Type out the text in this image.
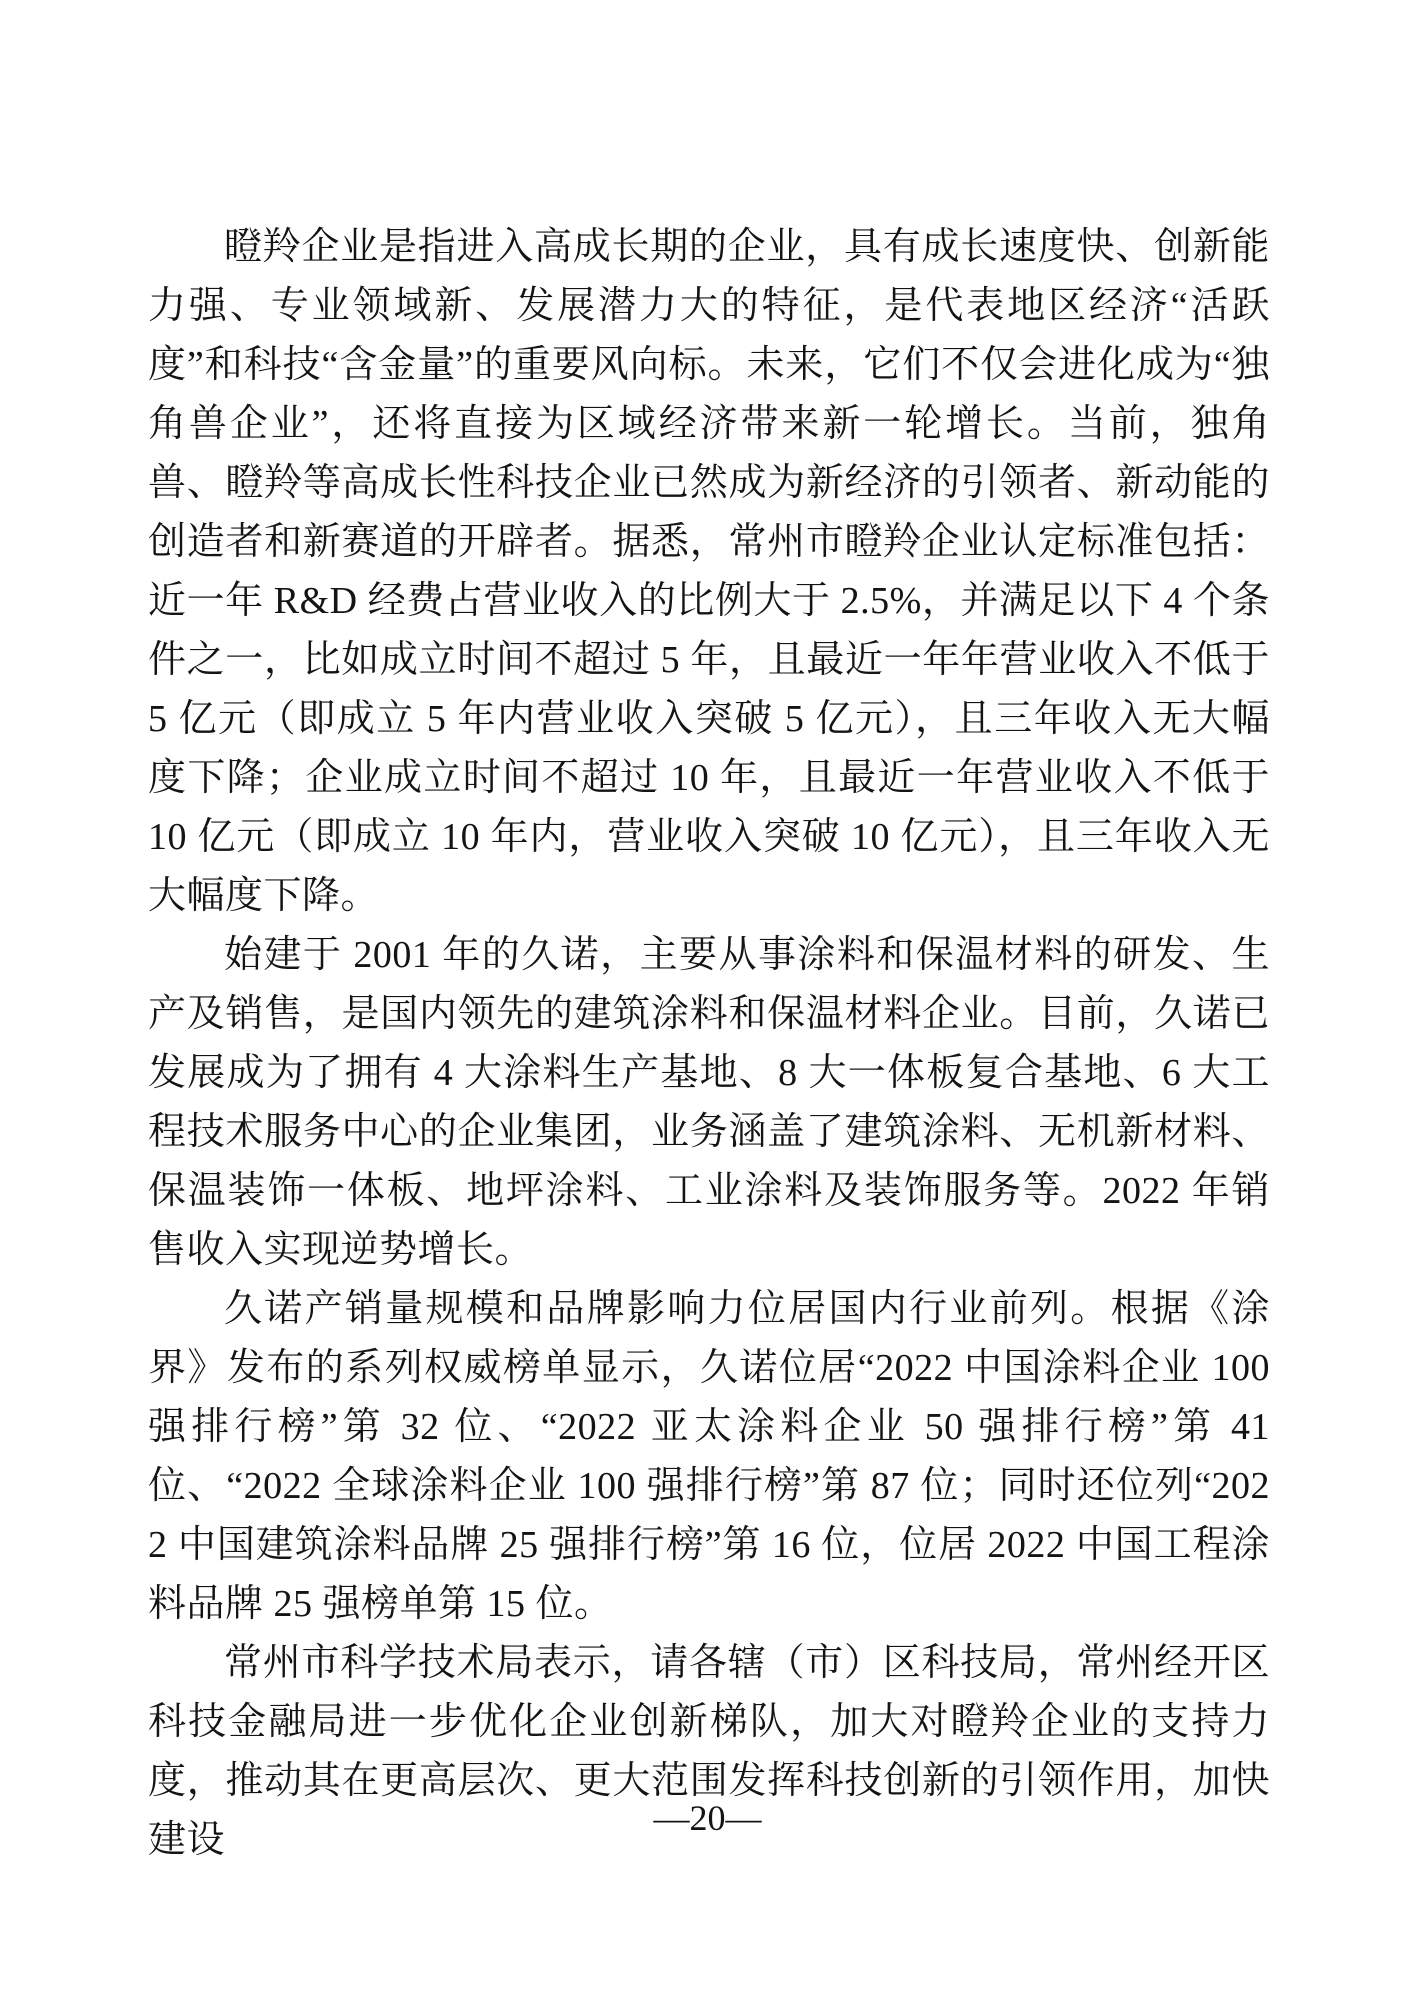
瞪羚企业是指进入高成长期的企业，具有成长速度快、创新能力强、专业领域新、发展潜力大的特征，是代表地区经济“活跃度”和科技“含金量”的重要风向标。未来，它们不仅会进化成为“独角兽企业”，还将直接为区域经济带来新一轮增长。当前，独角兽、瞪羚等高成长性科技企业已然成为新经济的引领者、新动能的创造者和新赛道的开辟者。据悉，常州市瞪羚企业认定标准包括：近一年 R&D 经费占营业收入的比例大于 2.5%，并满足以下 4 个条件之一，比如成立时间不超过 5 年，且最近一年年营业收入不低于 5 亿元（即成立 5 年内营业收入突破 5 亿元），且三年收入无大幅度下降；企业成立时间不超过 10 年，且最近一年营业收入不低于 10 亿元（即成立 10 年内，营业收入突破 10 亿元），且三年收入无大幅度下降。

始建于 2001 年的久诺，主要从事涂料和保温材料的研发、生产及销售，是国内领先的建筑涂料和保温材料企业。目前，久诺已发展成为了拥有 4 大涂料生产基地、8 大一体板复合基地、6 大工程技术服务中心的企业集团，业务涵盖了建筑涂料、无机新材料、保温装饰一体板、地坪涂料、工业涂料及装饰服务等。2022 年销售收入实现逆势增长。

久诺产销量规模和品牌影响力位居国内行业前列。根据《涂界》发布的系列权威榜单显示，久诺位居“2022 中国涂料企业 100 强排行榜”第 32 位、“2022 亚太涂料企业 50 强排行榜”第 41 位、“2022 全球涂料企业 100 强排行榜”第 87 位；同时还位列“2022 中国建筑涂料品牌 25 强排行榜”第 16 位，位居 2022 中国工程涂料品牌 25 强榜单第 15 位。

常州市科学技术局表示，请各辖（市）区科技局，常州经开区科技金融局进一步优化企业创新梯队，加大对瞪羚企业的支持力度，推动其在更高层次、更大范围发挥科技创新的引领作用，加快建设

—20—
